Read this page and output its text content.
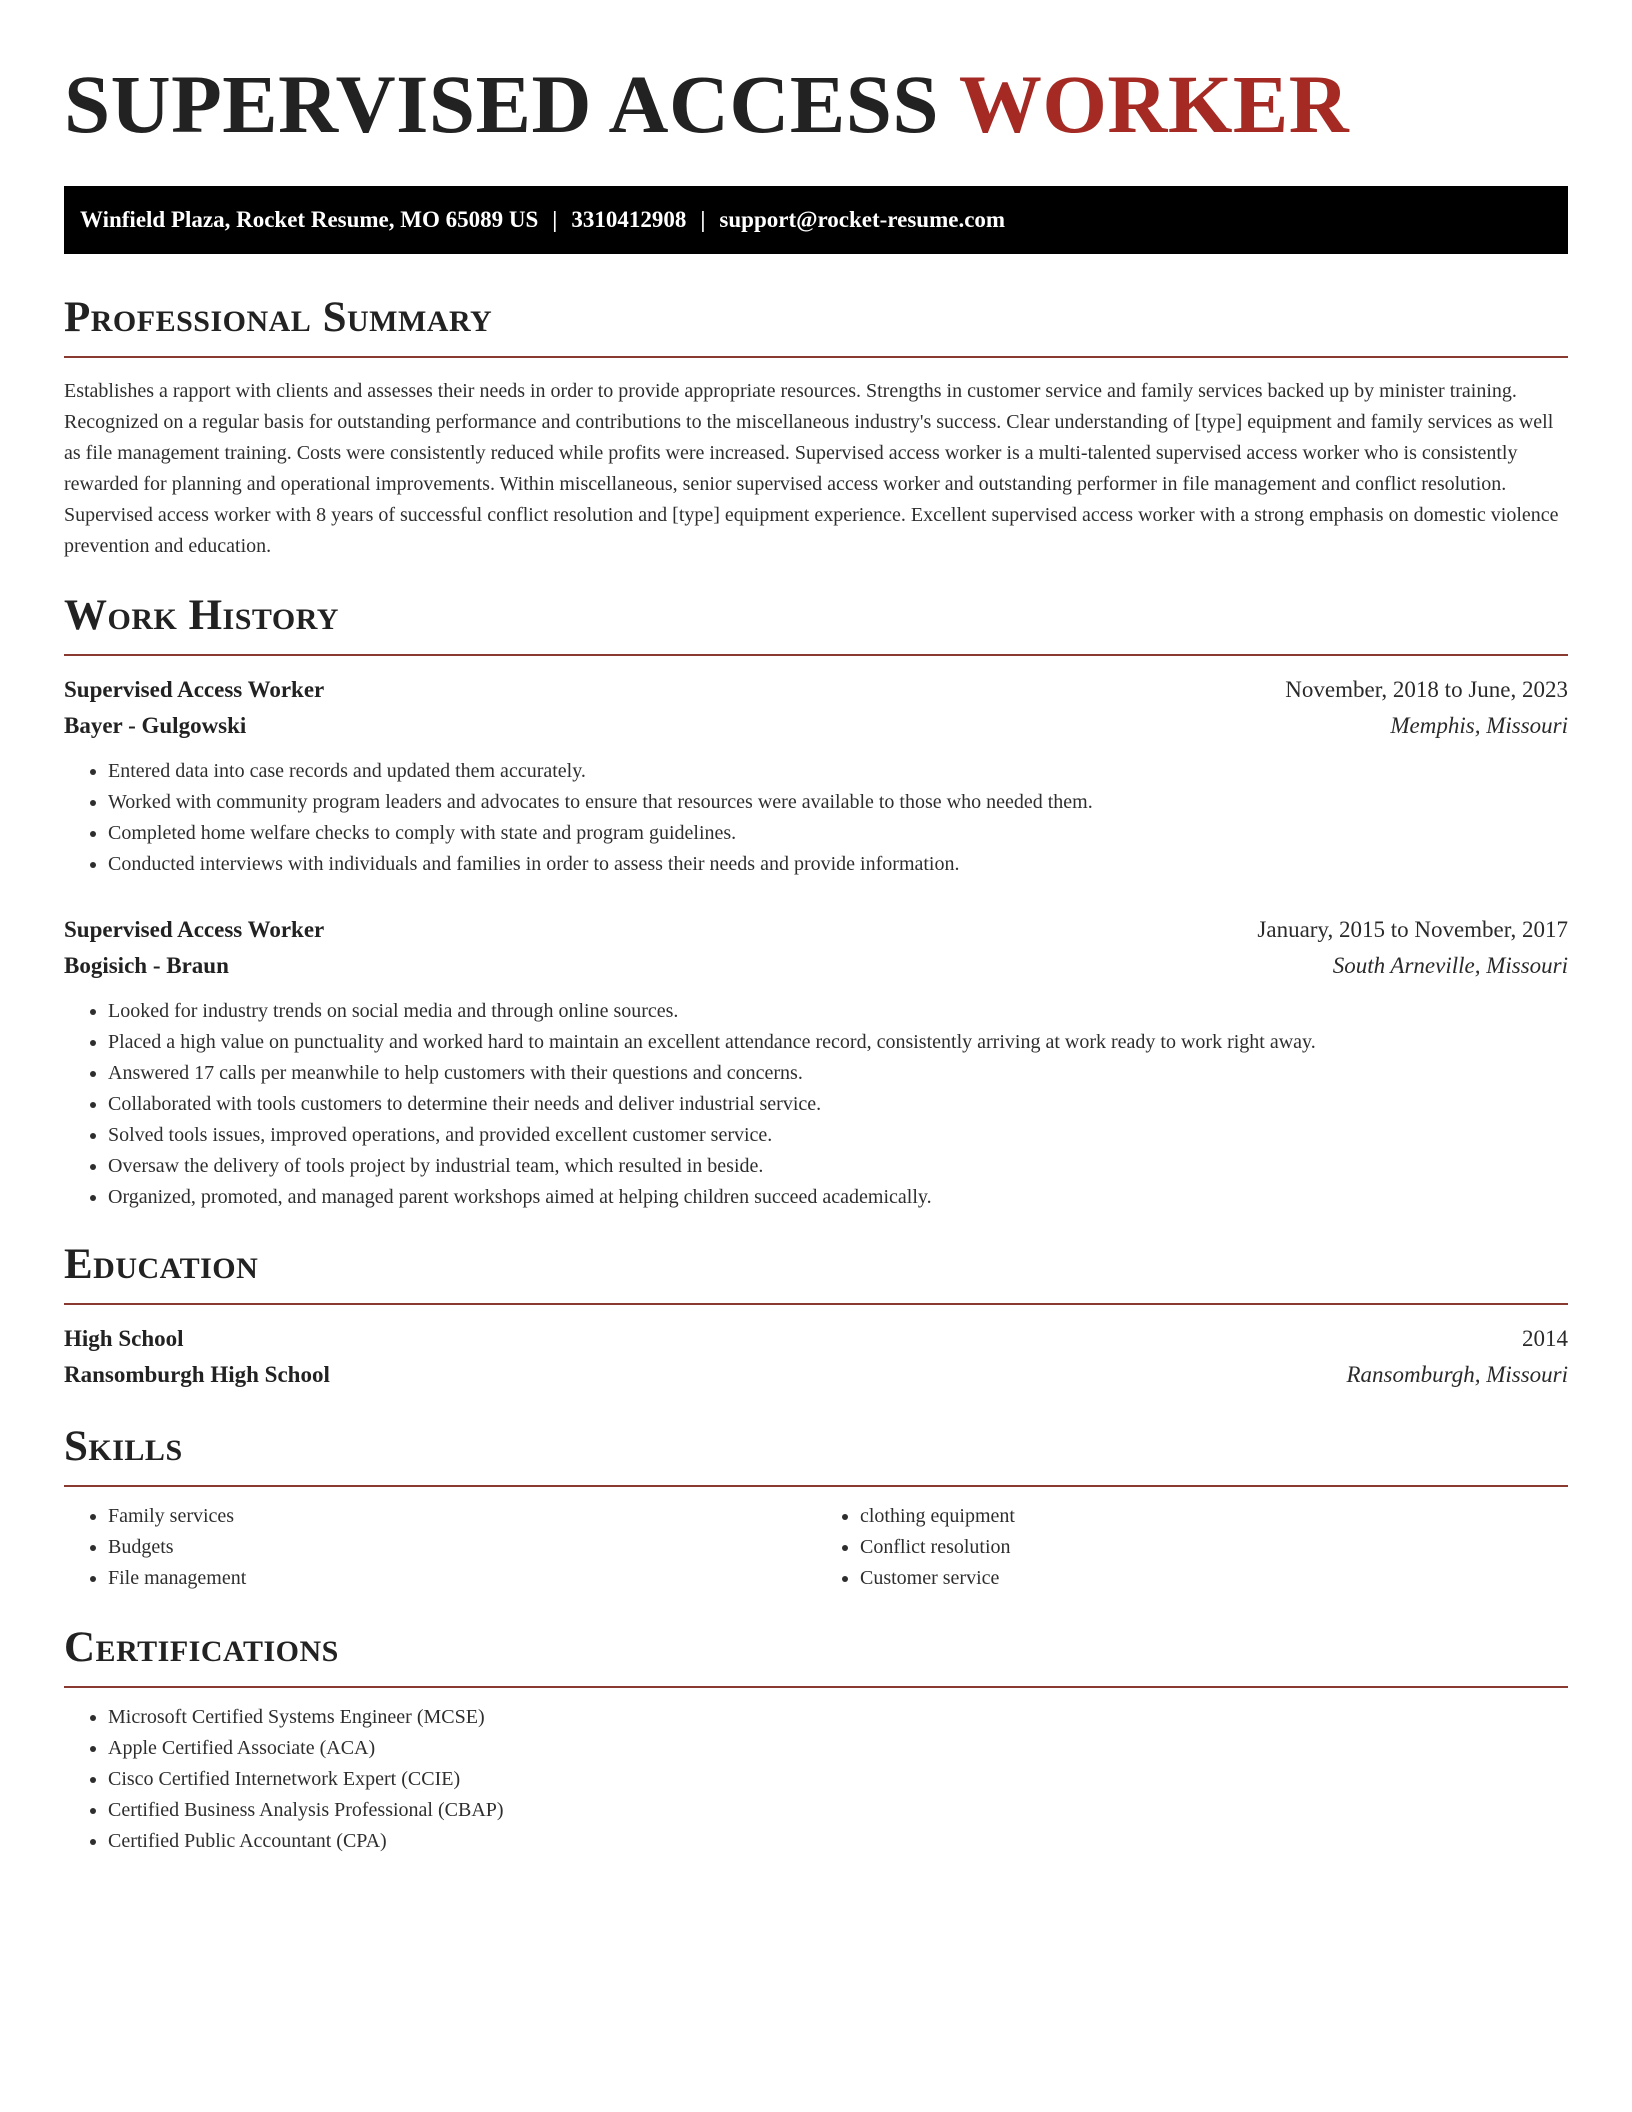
SUPERVISED ACCESS WORKER
Winfield Plaza, Rocket Resume, MO 65089 US | 3310412908 | support@rocket-resume.com
Professional Summary

Establishes a rapport with clients and assesses their needs in order to provide appropriate resources. Strengths in customer service and family services backed up by minister training. Recognized on a regular basis for outstanding performance and contributions to the miscellaneous industry's success. Clear understanding of [type] equipment and family services as well as file management training. Costs were consistently reduced while profits were increased. Supervised access worker is a multi-talented supervised access worker who is consistently rewarded for planning and operational improvements. Within miscellaneous, senior supervised access worker and outstanding performer in file management and conflict resolution. Supervised access worker with 8 years of successful conflict resolution and [type] equipment experience. Excellent supervised access worker with a strong emphasis on domestic violence prevention and education.

Work History
Supervised Access Worker	November, 2018 to June, 2023
Bayer - Gulgowski	Memphis, Missouri
• Entered data into case records and updated them accurately.
• Worked with community program leaders and advocates to ensure that resources were available to those who needed them.
• Completed home welfare checks to comply with state and program guidelines.
• Conducted interviews with individuals and families in order to assess their needs and provide information.
Supervised Access Worker	January, 2015 to November, 2017
Bogisich - Braun	South Arneville, Missouri
• Looked for industry trends on social media and through online sources.
• Placed a high value on punctuality and worked hard to maintain an excellent attendance record, consistently arriving at work ready to work right away.
• Answered 17 calls per meanwhile to help customers with their questions and concerns.
• Collaborated with tools customers to determine their needs and deliver industrial service.
• Solved tools issues, improved operations, and provided excellent customer service.
• Oversaw the delivery of tools project by industrial team, which resulted in beside.
• Organized, promoted, and managed parent workshops aimed at helping children succeed academically.
Education
High School	2014
Ransomburgh High School	Ransomburgh, Missouri
Skills
• Family services
• Budgets
• File management
• clothing equipment
• Conflict resolution
• Customer service
Certifications
• Microsoft Certified Systems Engineer (MCSE)
• Apple Certified Associate (ACA)
• Cisco Certified Internetwork Expert (CCIE)
• Certified Business Analysis Professional (CBAP)
• Certified Public Accountant (CPA)
